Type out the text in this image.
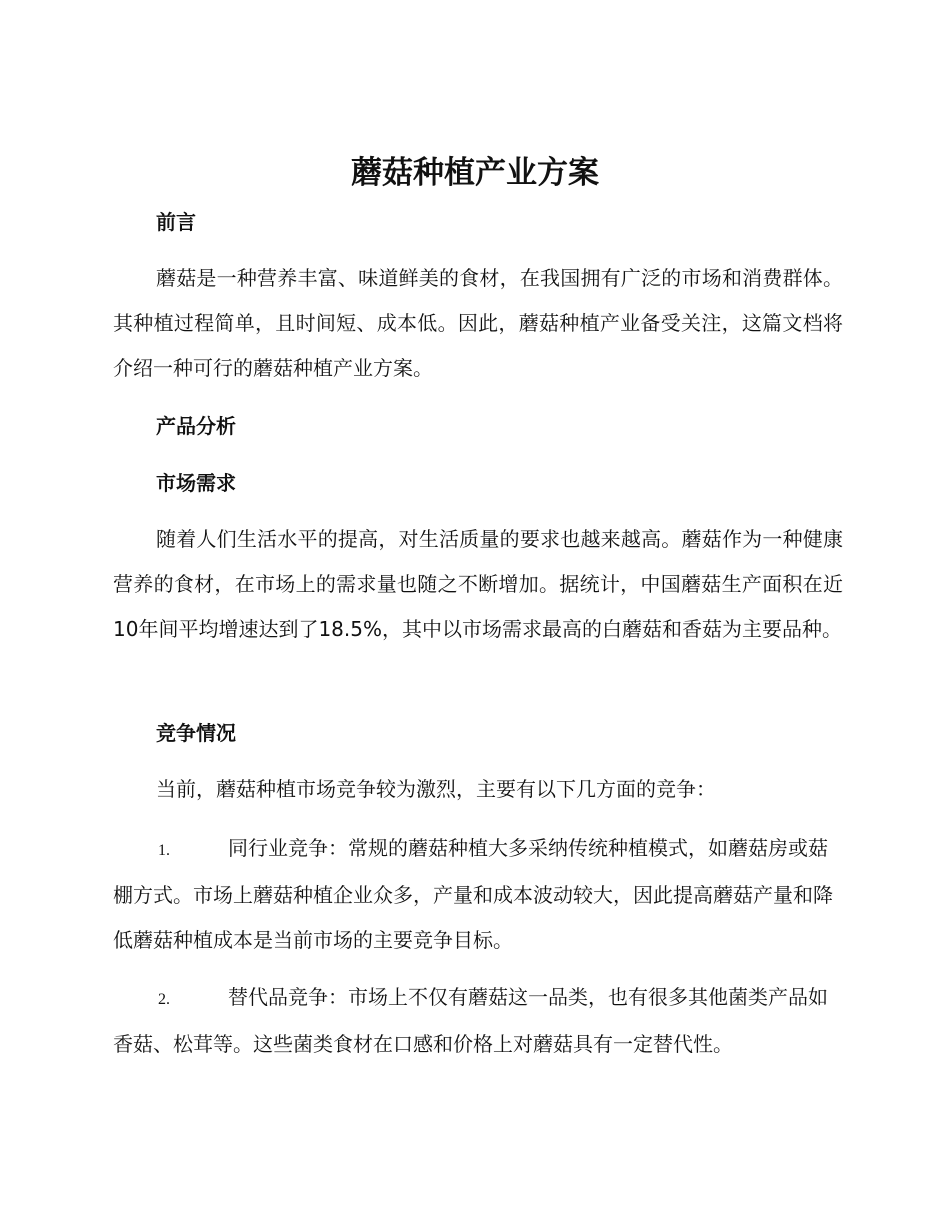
蘑菇种植产业方案
前言

蘑菇是一种营养丰富、味道鲜美的食材，在我国拥有广泛的市场和消费群体。其种植过程简单，且时间短、成本低。因此，蘑菇种植产业备受关注，这篇文档将介绍一种可行的蘑菇种植产业方案。

产品分析
市场需求

随着人们生活水平的提高，对生活质量的要求也越来越高。蘑菇作为一种健康营养的食材，在市场上的需求量也随之不断增加。据统计，中国蘑菇生产面积在近10年间平均增速达到了18.5%，其中以市场需求最高的白蘑菇和香菇为主要品种。

竞争情况

当前，蘑菇种植市场竞争较为激烈，主要有以下几方面的竞争：

1.	同行业竞争：常规的蘑菇种植大多采纳传统种植模式，如蘑菇房或菇棚方式。市场上蘑菇种植企业众多，产量和成本波动较大，因此提高蘑菇产量和降低蘑菇种植成本是当前市场的主要竞争目标。

2.	替代品竞争：市场上不仅有蘑菇这一品类，也有很多其他菌类产品如香菇、松茸等。这些菌类食材在口感和价格上对蘑菇具有一定替代性。
